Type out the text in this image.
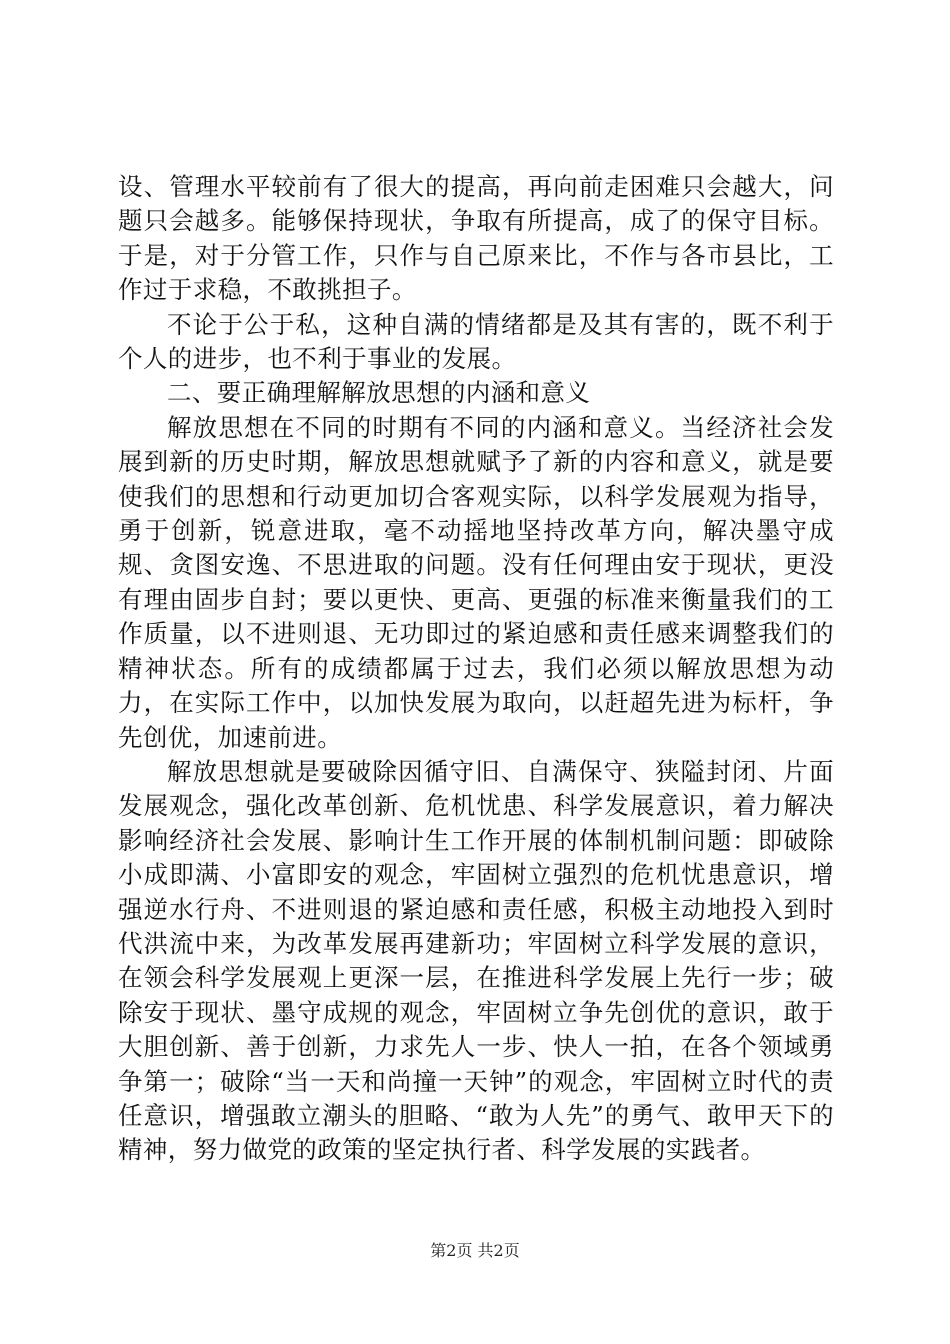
设、管理水平较前有了很大的提高，再向前走困难只会越大，问题只会越多。能够保持现状，争取有所提高，成了的保守目标。于是，对于分管工作，只作与自己原来比，不作与各市县比，工作过于求稳，不敢挑担子。

不论于公于私，这种自满的情绪都是及其有害的，既不利于个人的进步，也不利于事业的发展。

二、要正确理解解放思想的内涵和意义

解放思想在不同的时期有不同的内涵和意义。当经济社会发展到新的历史时期，解放思想就赋予了新的内容和意义，就是要使我们的思想和行动更加切合客观实际，以科学发展观为指导，勇于创新，锐意进取，毫不动摇地坚持改革方向，解决墨守成规、贪图安逸、不思进取的问题。没有任何理由安于现状，更没有理由固步自封；要以更快、更高、更强的标准来衡量我们的工作质量，以不进则退、无功即过的紧迫感和责任感来调整我们的精神状态。所有的成绩都属于过去，我们必须以解放思想为动力，在实际工作中，以加快发展为取向，以赶超先进为标杆，争先创优，加速前进。

解放思想就是要破除因循守旧、自满保守、狭隘封闭、片面发展观念，强化改革创新、危机忧患、科学发展意识，着力解决影响经济社会发展、影响计生工作开展的体制机制问题：即破除小成即满、小富即安的观念，牢固树立强烈的危机忧患意识，增强逆水行舟、不进则退的紧迫感和责任感，积极主动地投入到时代洪流中来，为改革发展再建新功；牢固树立科学发展的意识，在领会科学发展观上更深一层，在推进科学发展上先行一步；破除安于现状、墨守成规的观念，牢固树立争先创优的意识，敢于大胆创新、善于创新，力求先人一步、快人一拍，在各个领域勇争第一；破除“当一天和尚撞一天钟”的观念，牢固树立时代的责任意识，增强敢立潮头的胆略、“敢为人先”的勇气、敢甲天下的精神，努力做党的政策的坚定执行者、科学发展的实践者。

第2页 共2页
